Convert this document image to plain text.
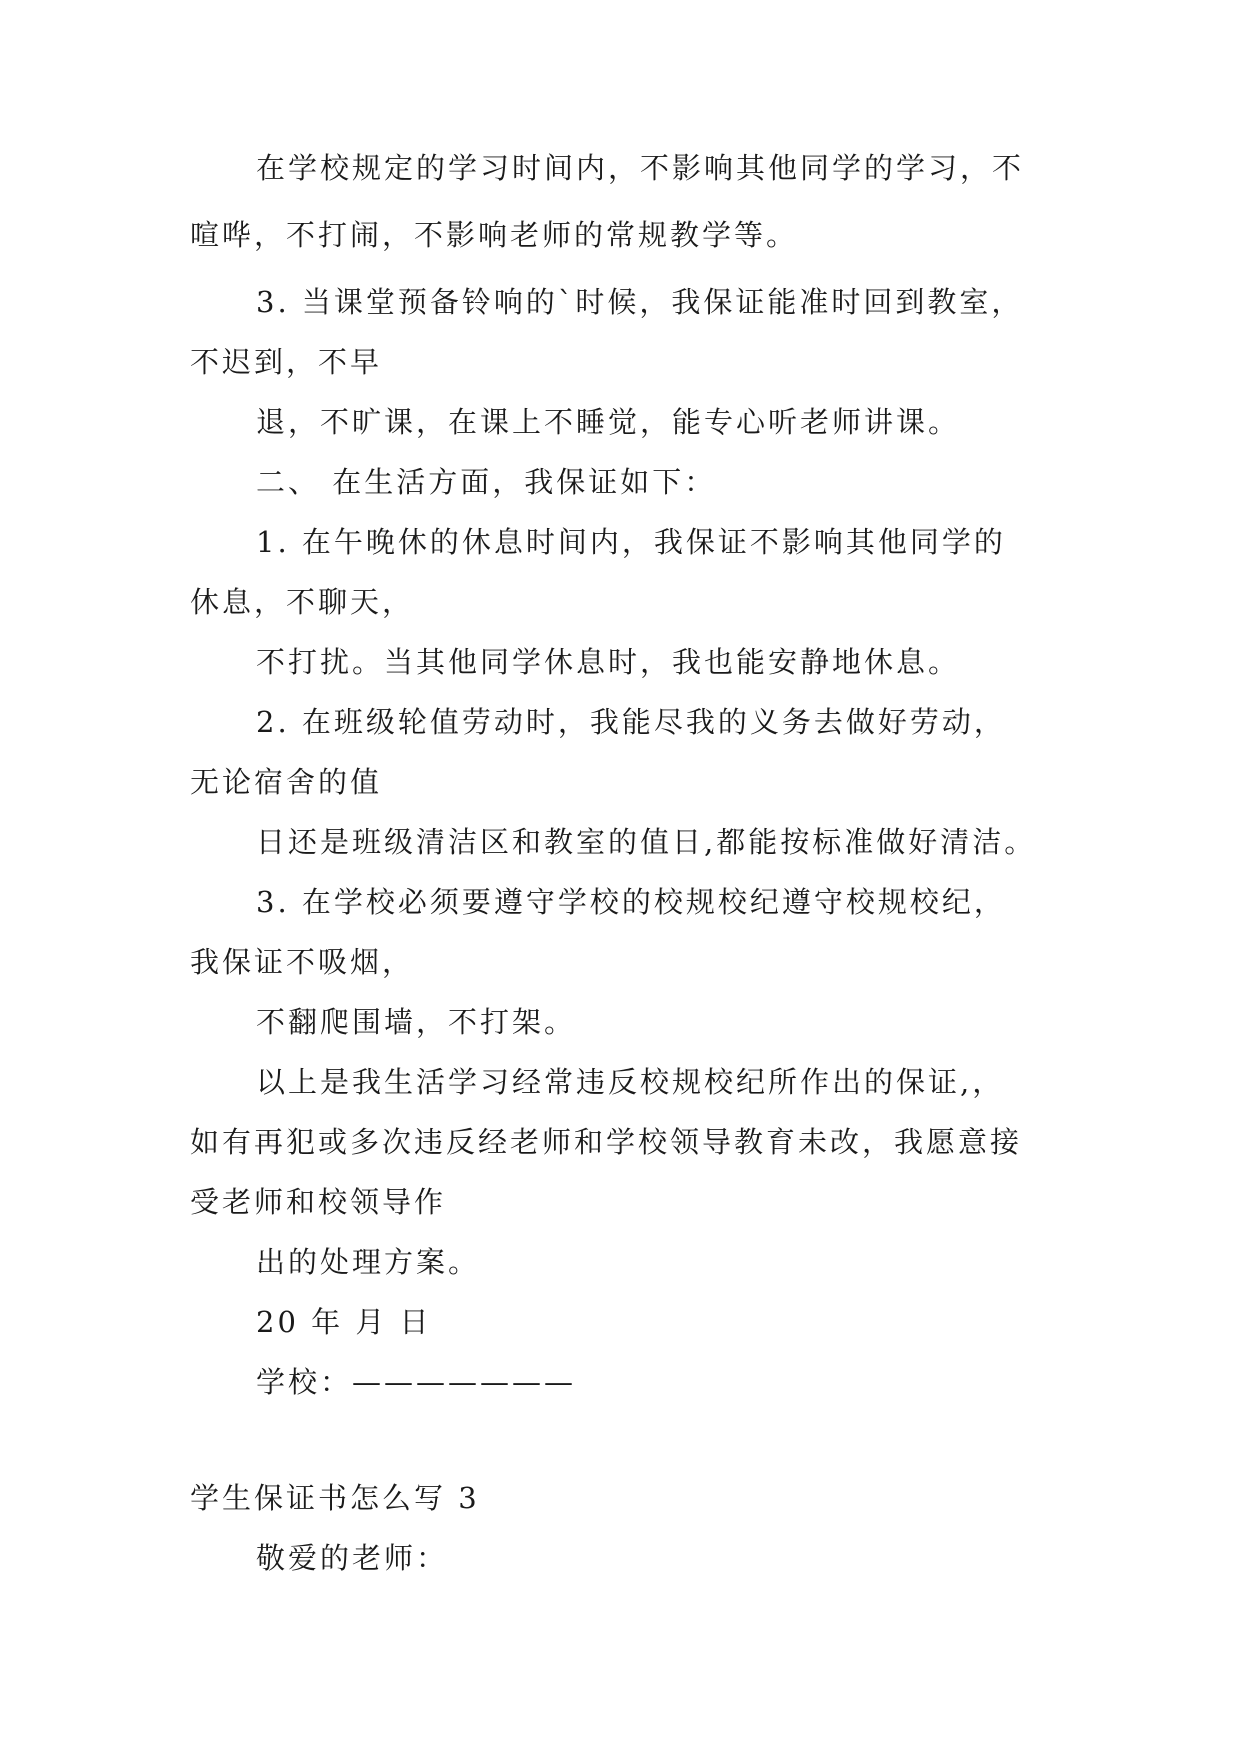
在学校规定的学习时间内，不影响其他同学的学习，不
喧哗，不打闹，不影响老师的常规教学等。
3. 当课堂预备铃响的`时候，我保证能准时回到教室，
不迟到，不早
退，不旷课，在课上不睡觉，能专心听老师讲课。
二、 在生活方面，我保证如下：
1. 在午晚休的休息时间内，我保证不影响其他同学的
休息，不聊天，
不打扰。当其他同学休息时，我也能安静地休息。
2. 在班级轮值劳动时，我能尽我的义务去做好劳动，
无论宿舍的值
日还是班级清洁区和教室的值日,都能按标准做好清洁。
3. 在学校必须要遵守学校的校规校纪遵守校规校纪，
我保证不吸烟，
不翻爬围墙，不打架。
以上是我生活学习经常违反校规校纪所作出的保证,，
如有再犯或多次违反经老师和学校领导教育未改，我愿意接
受老师和校领导作
出的处理方案。
20 年 月 日
学校：———————
学生保证书怎么写 3
敬爱的老师：
